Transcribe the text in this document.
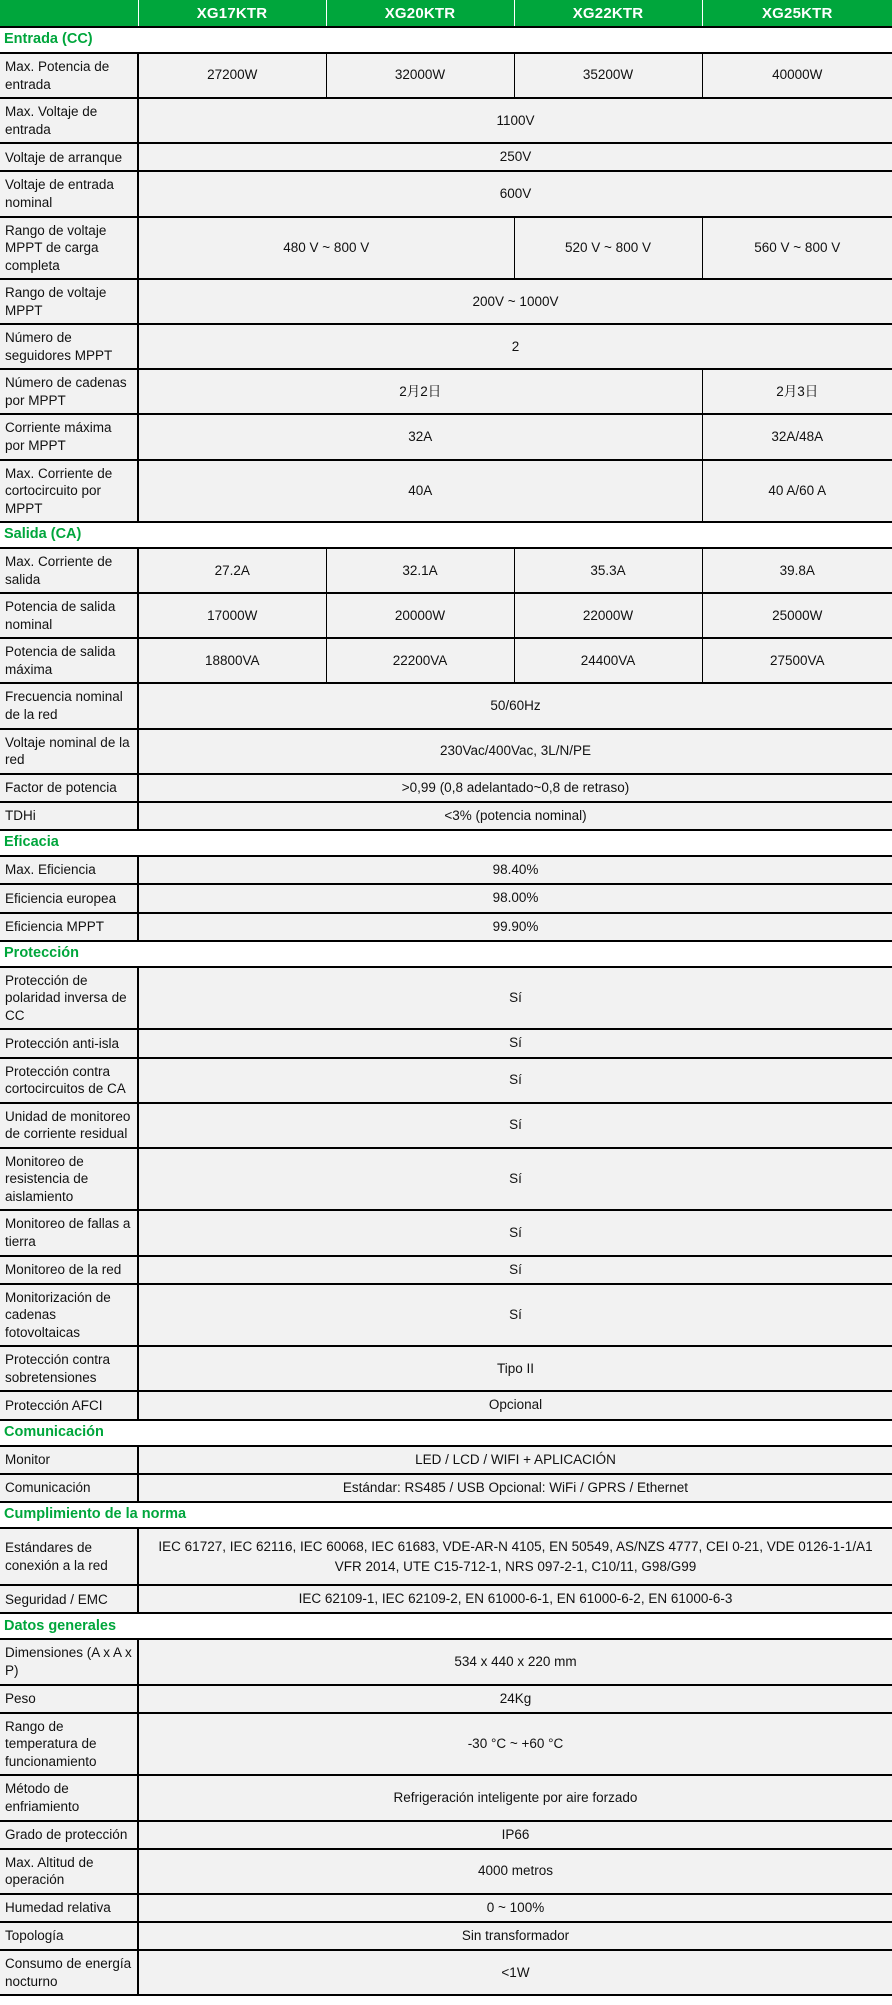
	XG17KTR	XG20KTR	XG22KTR	XG25KTR
Entrada (CC)				
Max. Potencia de entrada	27200W	32000W	35200W	40000W
Max. Voltaje de entrada	1100V			
Voltaje de arranque	250V			
Voltaje de entrada nominal	600V			
Rango de voltaje MPPT de carga completa	480 V ~ 800 V		520 V ~ 800 V	560 V ~ 800 V
Rango de voltaje MPPT	200V ~ 1000V			
Número de seguidores MPPT	2			
Número de cadenas por MPPT	2月2日			2月3日
Corriente máxima por MPPT	32A			32A/48A
Max. Corriente de cortocircuito por MPPT	40A			40 A/60 A
Salida (CA)				
Max. Corriente de salida	27.2A	32.1A	35.3A	39.8A
Potencia de salida nominal	17000W	20000W	22000W	25000W
Potencia de salida máxima	18800VA	22200VA	24400VA	27500VA
Frecuencia nominal de la red	50/60Hz			
Voltaje nominal de la red	230Vac/400Vac, 3L/N/PE			
Factor de potencia	>0,99 (0,8 adelantado~0,8 de retraso)			
TDHi	<3% (potencia nominal)			
Eficacia				
Max. Eficiencia	98.40%			
Eficiencia europea	98.00%			
Eficiencia MPPT	99.90%			
Protección				
Protección de polaridad inversa de CC	Sí			
Protección anti-isla	Sí			
Protección contra cortocircuitos de CA	Sí			
Unidad de monitoreo de corriente residual	Sí			
Monitoreo de resistencia de aislamiento	Sí			
Monitoreo de fallas a tierra	Sí			
Monitoreo de la red	Sí			
Monitorización de cadenas fotovoltaicas	Sí			
Protección contra sobretensiones	Tipo II			
Protección AFCI	Opcional			
Comunicación				
Monitor	LED / LCD / WIFI + APLICACIÓN			
Comunicación	Estándar: RS485 / USB Opcional: WiFi / GPRS / Ethernet			
Cumplimiento de la norma				
Estándares de conexión a la red	IEC 61727, IEC 62116, IEC 60068, IEC 61683, VDE-AR-N 4105, EN 50549, AS/NZS 4777, CEI 0-21, VDE 0126-1-1/A1 VFR 2014, UTE C15-712-1, NRS 097-2-1, C10/11, G98/G99			
Seguridad / EMC	IEC 62109-1, IEC 62109-2, EN 61000-6-1, EN 61000-6-2, EN 61000-6-3			
Datos generales				
Dimensiones (A x A x P)	534 x 440 x 220 mm			
Peso	24Kg			
Rango de temperatura de funcionamiento	-30 °C ~ +60 °C			
Método de enfriamiento	Refrigeración inteligente por aire forzado			
Grado de protección	IP66			
Max. Altitud de operación	4000 metros			
Humedad relativa	0 ~ 100%			
Topología	Sin transformador			
Consumo de energía nocturno	<1W			
